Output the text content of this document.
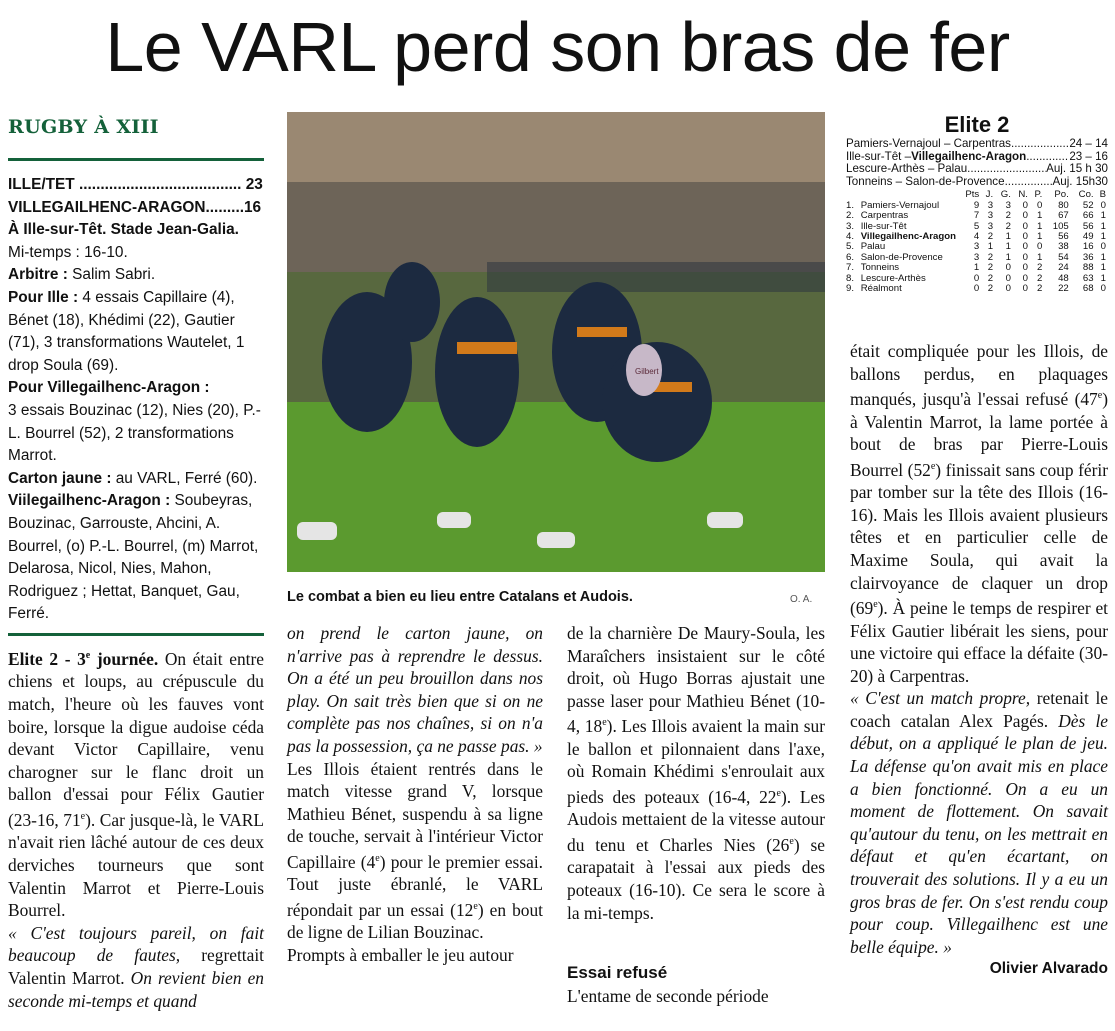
Le VARL perd son bras de fer
RUGBY À XIII

ILLE/TET ...................................... 23

VILLEGAILHENC-ARAGON.........16

À Ille-sur-Têt. Stade Jean-Galia.

Mi-temps : 16-10.

Arbitre : Salim Sabri.

Pour Ille : 4 essais Capillaire (4), Bénet (18), Khédimi (22), Gautier (71), 3 transformations Wautelet, 1 drop Soula (69).

Pour Villegailhenc-Aragon :

3 essais Bouzinac (12), Nies (20), P.-L. Bourrel (52), 2 transformations Marrot.

Carton jaune : au VARL, Ferré (60).

Viilegailhenc-Aragon : Soubeyras, Bouzinac, Garrouste, Ahcini, A. Bourrel, (o) P.-L. Bourrel, (m) Marrot, Delarosa, Nicol, Nies, Mahon, Rodriguez ; Hettat, Banquet, Gau, Ferré.

Gilbert
Le combat a bien eu lieu entre Catalans et Audois.	O. A.
Elite 2
Pamiers-Vernajoul – Carpentras .....	24 – 14
Ille-sur-Têt – Villegailhenc-Aragon .....	23 – 16
Lescure-Arthès – Palau .....	Auj. 15 h 30
Tonneins – Salon-de-Provence .....	Auj. 15h30
		Pts	J.	G.	N.	P.	Po.	Co.	B
1.	Pamiers-Vernajoul	9	3	3	0	0	80	52	0
2.	Carpentras	7	3	2	0	1	67	66	1
3.	Ille-sur-Têt	5	3	2	0	1	105	56	1
4.	Villegailhenc-Aragon	4	2	1	0	1	56	49	1
5.	Palau	3	1	1	0	0	38	16	0
6.	Salon-de-Provence	3	2	1	0	1	54	36	1
7.	Tonneins	1	2	0	0	2	24	88	1
8.	Lescure-Arthès	0	2	0	0	2	48	63	1
9.	Réalmont	0	2	0	0	2	22	68	0

Elite 2 - 3e journée. On était entre chiens et loups, au crépuscule du match, l'heure où les fauves vont boire, lorsque la digue audoise céda devant Victor Capillaire, venu charogner sur le flanc droit un ballon d'essai pour Félix Gautier (23-16, 71e). Car jusque-là, le VARL n'avait rien lâché autour de ces deux derviches tourneurs que sont Valentin Marrot et Pierre-Louis Bourrel.

« C'est toujours pareil, on fait beaucoup de fautes, regrettait Valentin Marrot. On revient bien en seconde mi-temps et quand

on prend le carton jaune, on n'arrive pas à reprendre le dessus. On a été un peu brouillon dans nos play. On sait très bien que si on ne complète pas nos chaînes, si on n'a pas la possession, ça ne passe pas. »

Les Illois étaient rentrés dans le match vitesse grand V, lorsque Mathieu Bénet, suspendu à sa ligne de touche, servait à l'intérieur Victor Capillaire (4e) pour le premier essai. Tout juste ébranlé, le VARL répondait par un essai (12e) en bout de ligne de Lilian Bouzinac.

Prompts à emballer le jeu autour

de la charnière De Maury-Soula, les Maraîchers insistaient sur le côté droit, où Hugo Borras ajustait une passe laser pour Mathieu Bénet (10-4, 18e). Les Illois avaient la main sur le ballon et pilonnaient dans l'axe, où Romain Khédimi s'enroulait aux pieds des poteaux (16-4, 22e). Les Audois mettaient de la vitesse autour du tenu et Charles Nies (26e) se carapatait à l'essai aux pieds des poteaux (16-10). Ce sera le score à la mi-temps.

Essai refusé

L'entame de seconde période

était compliquée pour les Illois, de ballons perdus, en plaquages manqués, jusqu'à l'essai refusé (47e) à Valentin Marrot, la lame portée à bout de bras par Pierre-Louis Bourrel (52e) finissait sans coup férir par tomber sur la tête des Illois (16-16). Mais les Illois avaient plusieurs têtes et en particulier celle de Maxime Soula, qui avait la clairvoyance de claquer un drop (69e). À peine le temps de respirer et Félix Gautier libérait les siens, pour une victoire qui efface la défaite (30-20) à Carpentras.

« C'est un match propre, retenait le coach catalan Alex Pagés. Dès le début, on a appliqué le plan de jeu. La défense qu'on avait mis en place a bien fonctionné. On a eu un moment de flottement. On savait qu'autour du tenu, on les mettrait en défaut et qu'en écartant, on trouverait des solutions. Il y a eu un gros bras de fer. On s'est rendu coup pour coup. Villegailhenc est une belle équipe. »

Olivier Alvarado
